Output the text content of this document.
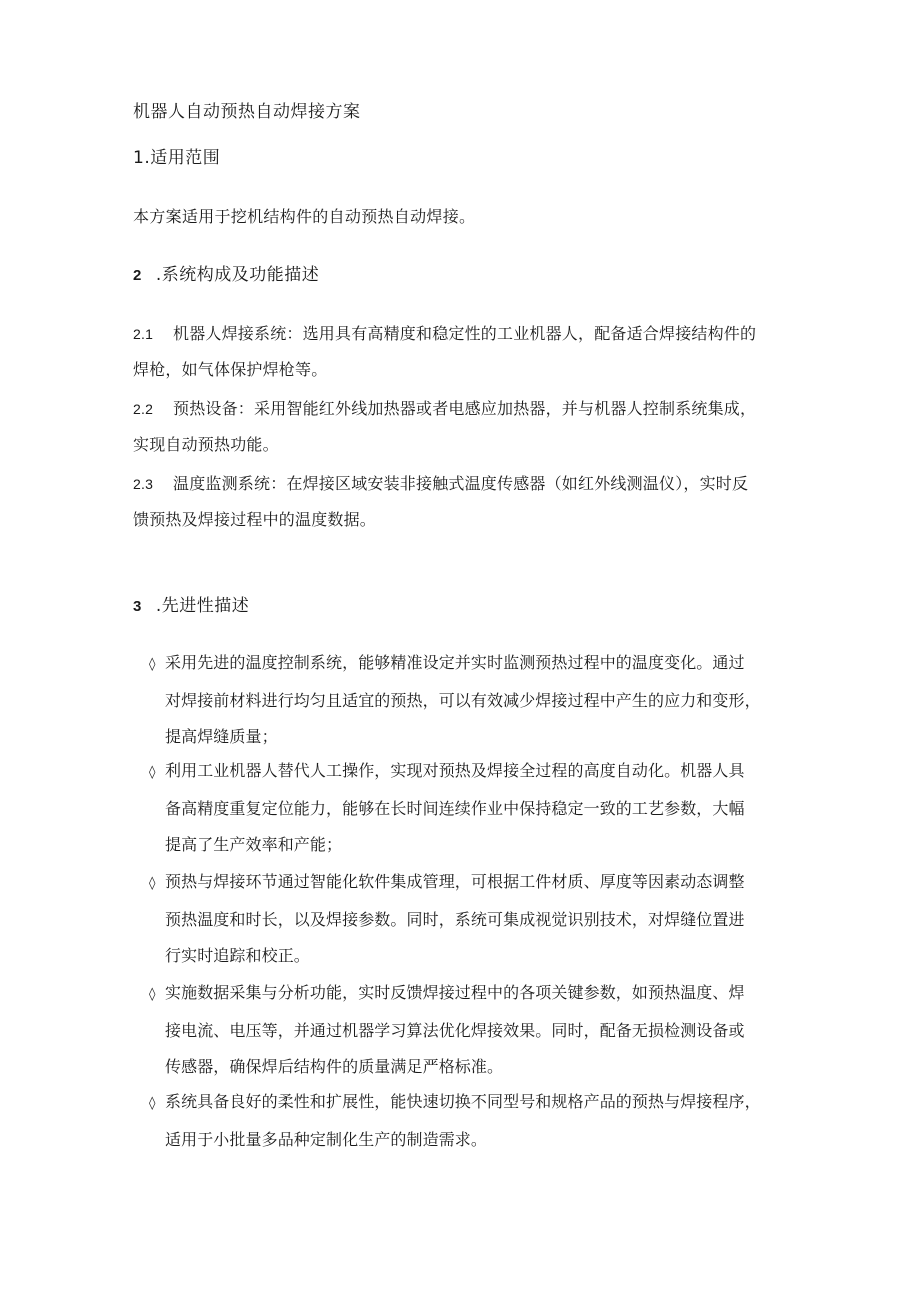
机器人自动预热自动焊接方案
1.适用范围
本方案适用于挖机结构件的自动预热自动焊接。
2 .系统构成及功能描述
2.1 机器人焊接系统：选用具有高精度和稳定性的工业机器人，配备适合焊接结构件的
焊枪，如气体保护焊枪等。
2.2 预热设备：采用智能红外线加热器或者电感应加热器，并与机器人控制系统集成，
实现自动预热功能。
2.3 温度监测系统：在焊接区域安装非接触式温度传感器（如红外线测温仪），实时反
馈预热及焊接过程中的温度数据。
3 .先进性描述
◊ 采用先进的温度控制系统，能够精准设定并实时监测预热过程中的温度变化。通过
对焊接前材料进行均匀且适宜的预热，可以有效减少焊接过程中产生的应力和变形，
提高焊缝质量；
◊ 利用工业机器人替代人工操作，实现对预热及焊接全过程的高度自动化。机器人具
备高精度重复定位能力，能够在长时间连续作业中保持稳定一致的工艺参数，大幅
提高了生产效率和产能；
◊ 预热与焊接环节通过智能化软件集成管理，可根据工件材质、厚度等因素动态调整
预热温度和时长，以及焊接参数。同时，系统可集成视觉识别技术，对焊缝位置进
行实时追踪和校正。
◊ 实施数据采集与分析功能，实时反馈焊接过程中的各项关键参数，如预热温度、焊
接电流、电压等，并通过机器学习算法优化焊接效果。同时，配备无损检测设备或
传感器，确保焊后结构件的质量满足严格标准。
◊ 系统具备良好的柔性和扩展性，能快速切换不同型号和规格产品的预热与焊接程序，
适用于小批量多品种定制化生产的制造需求。
